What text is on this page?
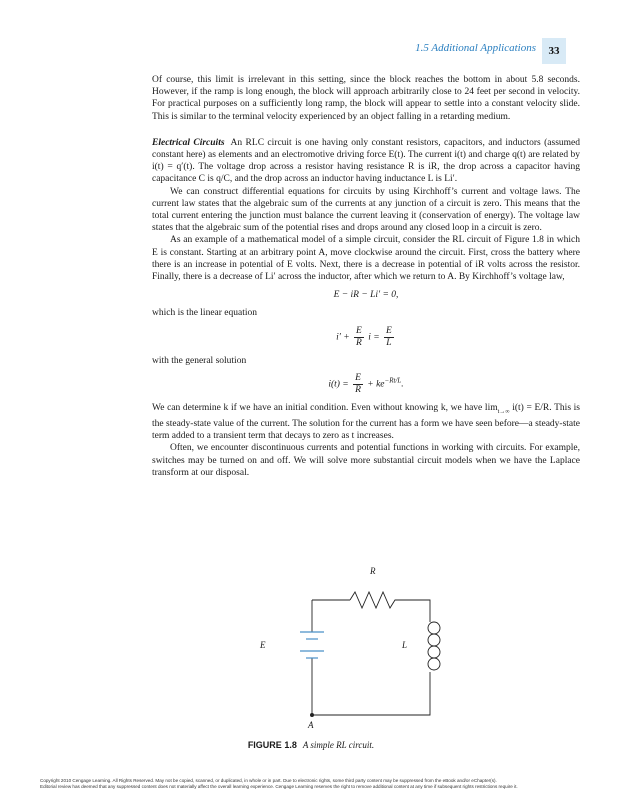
1.5 Additional Applications	33

Of course, this limit is irrelevant in this setting, since the block reaches the bottom in about 5.8 seconds. However, if the ramp is long enough, the block will approach arbitrarily close to 24 feet per second in velocity. For practical purposes on a sufficiently long ramp, the block will appear to settle into a constant velocity slide. This is similar to the terminal velocity experienced by an object falling in a retarding medium.

Electrical Circuits An RLC circuit is one having only constant resistors, capacitors, and inductors (assumed constant here) as elements and an electromotive driving force E(t). The current i(t) and charge q(t) are related by i(t) = q′(t). The voltage drop across a resistor having resistance R is iR, the drop across a capacitor having capacitance C is q/C, and the drop across an inductor having inductance L is Li′.

We can construct differential equations for circuits by using Kirchhoff’s current and voltage laws. The current law states that the algebraic sum of the currents at any junction of a circuit is zero. This means that the total current entering the junction must balance the current leaving it (conservation of energy). The voltage law states that the algebraic sum of the potential rises and drops around any closed loop in a circuit is zero.

As an example of a mathematical model of a simple circuit, consider the RL circuit of Figure 1.8 in which E is constant. Starting at an arbitrary point A, move clockwise around the circuit. First, cross the battery where there is an increase in potential of E volts. Next, there is a decrease in potential of iR volts across the resistor. Finally, there is a decrease of Li′ across the inductor, after which we return to A. By Kirchhoff’s voltage law,

E − iR − Li′ = 0,

which is the linear equation

$i' + \frac{E}{R}$ $i = \frac{E}{L}$

with the general solution

$i(t) = \frac{E}{R} + ke^{-Rt/L}$.

We can determine k if we have an initial condition. Even without knowing k, we have $\lim_{t\to\infty} i(t) = E/R$. This is the steady-state value of the current. The solution for the current has a form we have seen before—a steady-state term added to a transient term that decays to zero as t increases.

Often, we encounter discontinuous currents and potential functions in working with circuits. For example, switches may be turned on and off. We will solve more substantial circuit models when we have the Laplace transform at our disposal.

R
E	L
A
FIGURE 1.8 A simple RL circuit.
Copyright 2010 Cengage Learning. All Rights Reserved. May not be copied, scanned, or duplicated, in whole or in part. Due to electronic rights, some third party content may be suppressed from the eBook and/or eChapter(s).
Editorial review has deemed that any suppressed content does not materially affect the overall learning experience. Cengage Learning reserves the right to remove additional content at any time if subsequent rights restrictions require it.
